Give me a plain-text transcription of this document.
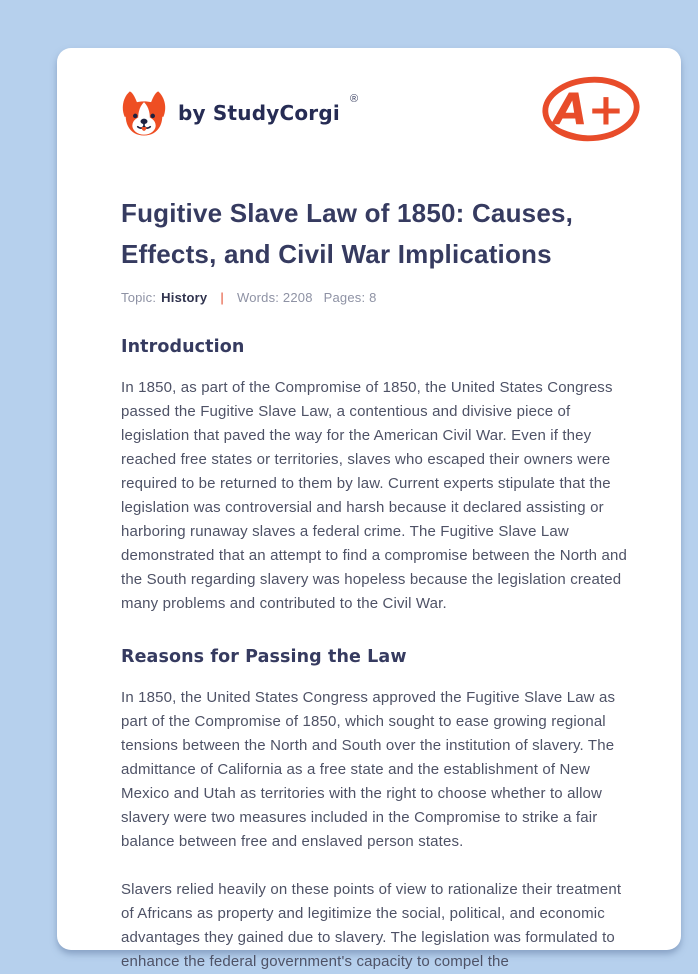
by StudyCorgi
®	A+
Fugitive Slave Law of 1850: Causes, Effects, and Civil War Implications
Topic: History | Words: 2208 Pages: 8
Introduction

In 1850, as part of the Compromise of 1850, the United States Congress passed the Fugitive Slave Law, a contentious and divisive piece of legislation that paved the way for the American Civil War. Even if they reached free states or territories, slaves who escaped their owners were required to be returned to them by law. Current experts stipulate that the legislation was controversial and harsh because it declared assisting or harboring runaway slaves a federal crime. The Fugitive Slave Law demonstrated that an attempt to find a compromise between the North and the South regarding slavery was hopeless because the legislation created many problems and contributed to the Civil War.

Reasons for Passing the Law

In 1850, the United States Congress approved the Fugitive Slave Law as part of the Compromise of 1850, which sought to ease growing regional tensions between the North and South over the institution of slavery. The admittance of California as a free state and the establishment of New Mexico and Utah as territories with the right to choose whether to allow slavery were two measures included in the Compromise to strike a fair balance between free and enslaved person states.

Slavers relied heavily on these points of view to rationalize their treatment of Africans as property and legitimize the social, political, and economic advantages they gained due to slavery. The legislation was formulated to enhance the federal government's capacity to compel the
